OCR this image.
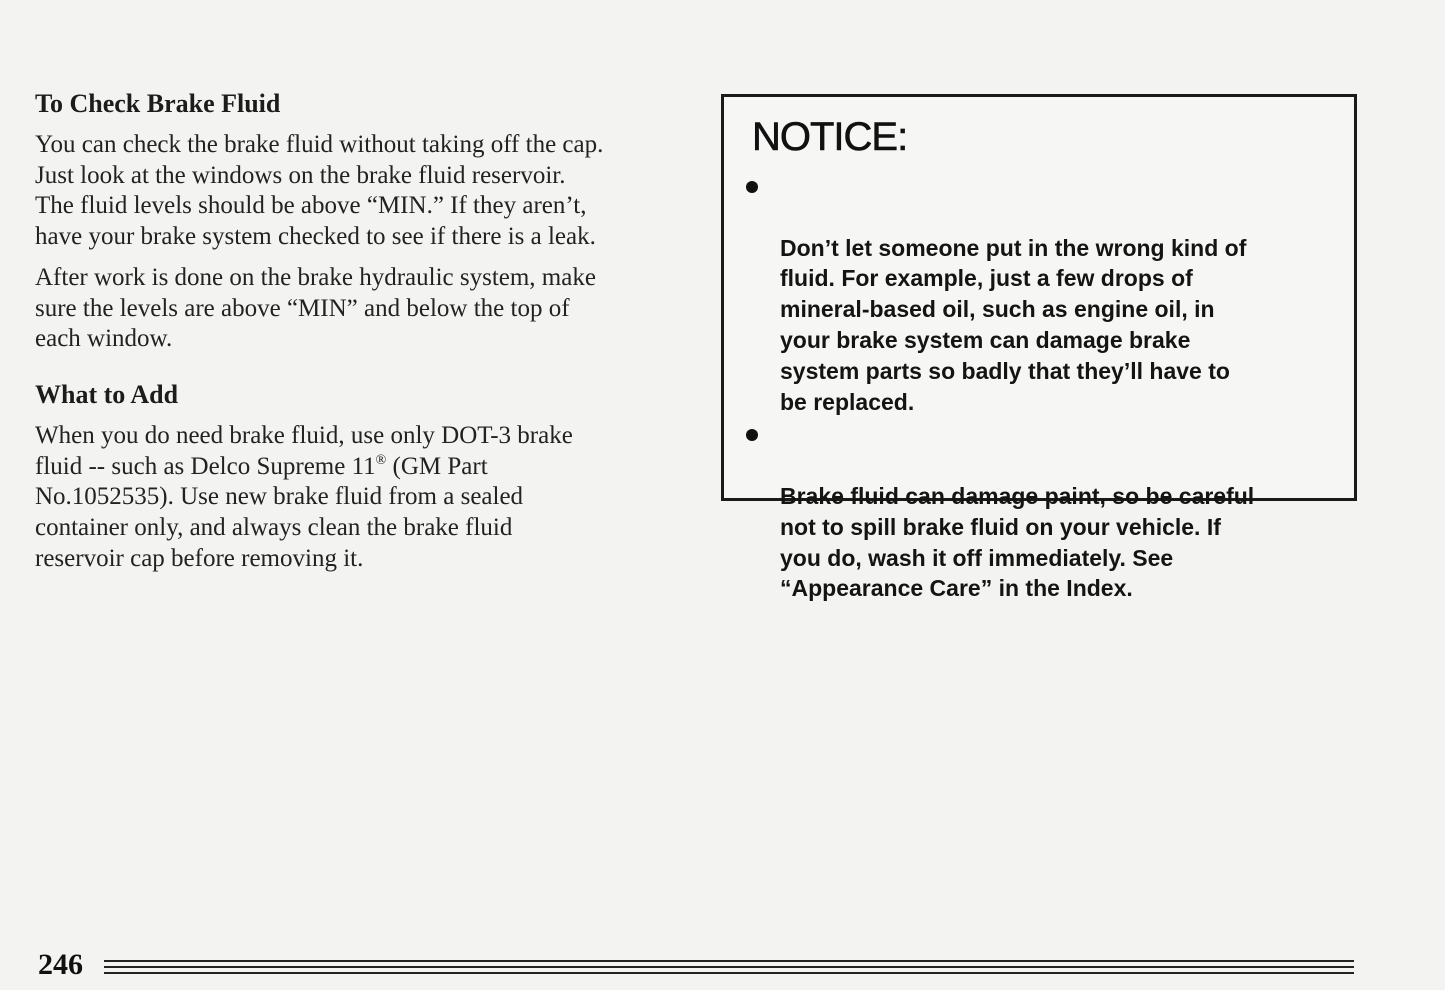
To Check Brake Fluid

You can check the brake fluid without taking off the cap.
Just look at the windows on the brake fluid reservoir.
The fluid levels should be above “MIN.” If they aren’t,
have your brake system checked to see if there is a leak.

After work is done on the brake hydraulic system, make
sure the levels are above “MIN” and below the top of
each window.

What to Add

When you do need brake fluid, use only DOT-3 brake
fluid -- such as Delco Supreme 11® (GM Part
No.1052535). Use new brake fluid from a sealed
container only, and always clean the brake fluid
reservoir cap before removing it.

NOTICE:

Don’t let someone put in the wrong kind of
fluid. For example, just a few drops of
mineral-based oil, such as engine oil, in
your brake system can damage brake
system parts so badly that they’ll have to
be replaced.

Brake fluid can damage paint, so be careful
not to spill brake fluid on your vehicle. If
you do, wash it off immediately. See
“Appearance Care” in the Index.

246
